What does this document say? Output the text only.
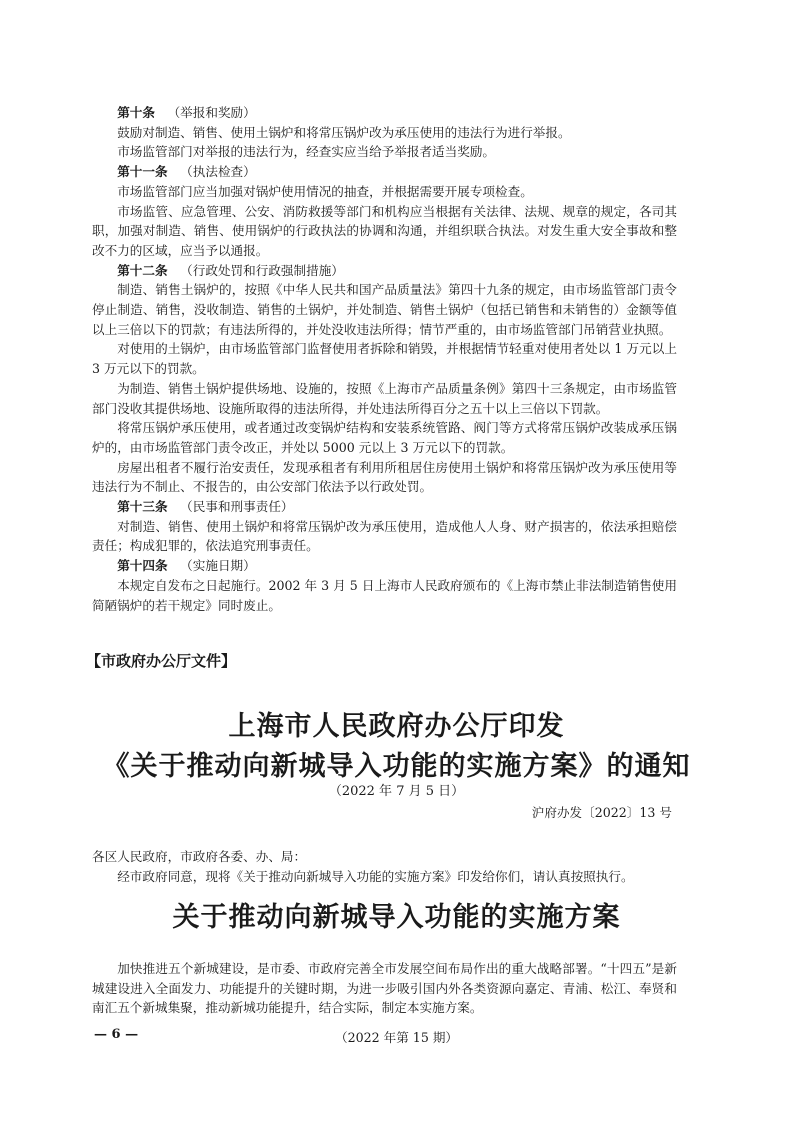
第十条 （举报和奖励）

鼓励对制造、销售、使用土锅炉和将常压锅炉改为承压使用的违法行为进行举报。

市场监管部门对举报的违法行为，经查实应当给予举报者适当奖励。

第十一条 （执法检查）

市场监管部门应当加强对锅炉使用情况的抽查，并根据需要开展专项检查。

市场监管、应急管理、公安、消防救援等部门和机构应当根据有关法律、法规、规章的规定，各司其职，加强对制造、销售、使用锅炉的行政执法的协调和沟通，并组织联合执法。对发生重大安全事故和整改不力的区域，应当予以通报。

第十二条 （行政处罚和行政强制措施）

制造、销售土锅炉的，按照《中华人民共和国产品质量法》第四十九条的规定，由市场监管部门责令停止制造、销售，没收制造、销售的土锅炉，并处制造、销售土锅炉（包括已销售和未销售的）金额等值以上三倍以下的罚款；有违法所得的，并处没收违法所得；情节严重的，由市场监管部门吊销营业执照。

对使用的土锅炉，由市场监管部门监督使用者拆除和销毁，并根据情节轻重对使用者处以 1 万元以上 3 万元以下的罚款。

为制造、销售土锅炉提供场地、设施的，按照《上海市产品质量条例》第四十三条规定，由市场监管部门没收其提供场地、设施所取得的违法所得，并处违法所得百分之五十以上三倍以下罚款。

将常压锅炉承压使用，或者通过改变锅炉结构和安装系统管路、阀门等方式将常压锅炉改装成承压锅炉的，由市场监管部门责令改正，并处以 5000 元以上 3 万元以下的罚款。

房屋出租者不履行治安责任，发现承租者有利用所租居住房使用土锅炉和将常压锅炉改为承压使用等违法行为不制止、不报告的，由公安部门依法予以行政处罚。

第十三条 （民事和刑事责任）

对制造、销售、使用土锅炉和将常压锅炉改为承压使用，造成他人人身、财产损害的，依法承担赔偿责任；构成犯罪的，依法追究刑事责任。

第十四条 （实施日期）

本规定自发布之日起施行。2002 年 3 月 5 日上海市人民政府颁布的《上海市禁止非法制造销售使用简陋锅炉的若干规定》同时废止。

【市政府办公厅文件】
上海市人民政府办公厅印发
《关于推动向新城导入功能的实施方案》的通知
（2022 年 7 月 5 日）
沪府办发〔2022〕13 号

各区人民政府，市政府各委、办、局：

经市政府同意，现将《关于推动向新城导入功能的实施方案》印发给你们，请认真按照执行。

关于推动向新城导入功能的实施方案

加快推进五个新城建设，是市委、市政府完善全市发展空间布局作出的重大战略部署。“十四五”是新城建设进入全面发力、功能提升的关键时期，为进一步吸引国内外各类资源向嘉定、青浦、松江、奉贤和南汇五个新城集聚，推动新城功能提升，结合实际，制定本实施方案。

— 6 —	（2022 年第 15 期）
